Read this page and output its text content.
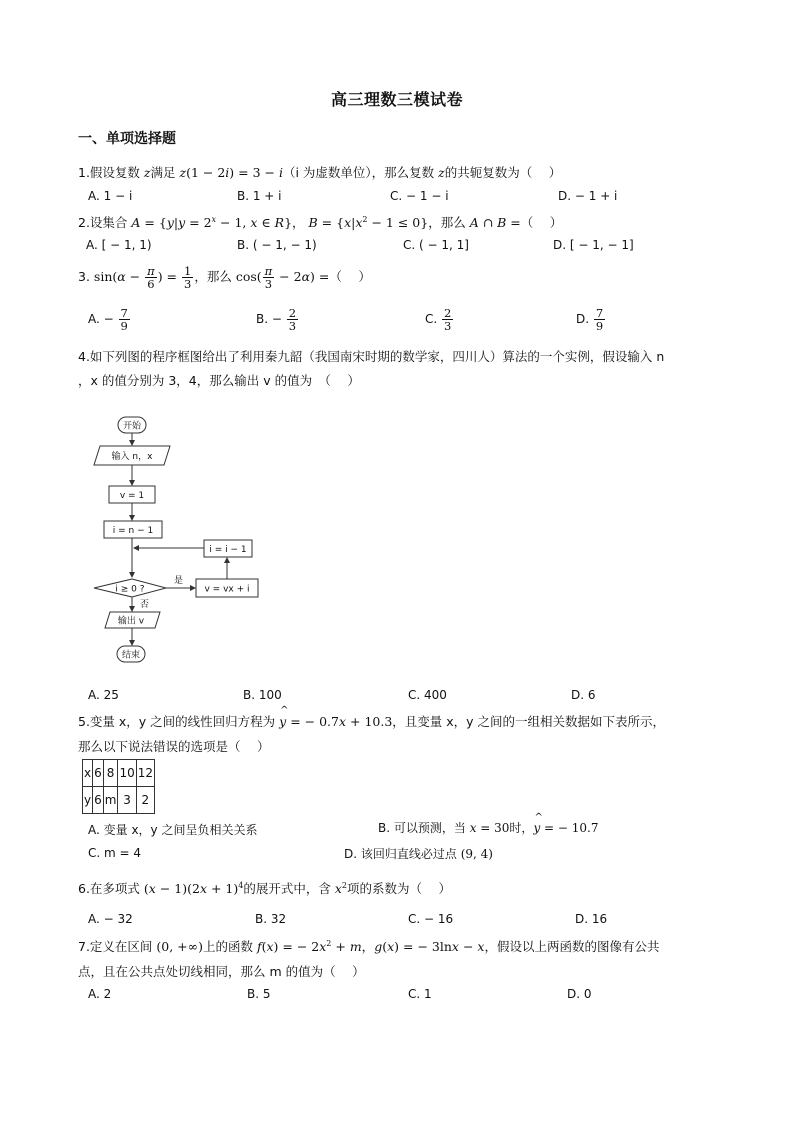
高三理数三模试卷
一、单项选择题
1.假设复数 z满足 z(1 − 2i) = 3 − i（i 为虚数单位），那么复数 z的共轭复数为（　 ）
A. 1 − i	B. 1 + i	C. − 1 − i	D. − 1 + i
2.设集合 $A = \{y|y = 2^x - 1$, x ∈ R}， $B = \{x|x^2 - 1 \le 0\}$，那么 A ∩ B =（　 ）
A. [ − 1, 1)	B. ( − 1, − 1)	C. ( − 1, 1]	D. [ − 1, − 1]
3. $\sin(\alpha - \frac{\pi}{6}$ ) = $\frac{1}{3}$ ，那么 $\cos( \frac{\pi}{3} - 2\alpha)$ =（　 ）
A. − $\frac{7}{9}$	B. − $\frac{2}{3}$	C. $\frac{2}{3}$	D. $\frac{7}{9}$
4.如下列图的程序框图给出了利用秦九韶（我国南宋时期的数学家，四川人）算法的一个实例，假设输入 n
，x 的值分别为 3，4，那么输出 v 的值为　（　 ）
开始
输入 n，x
v = 1
i = n − 1
i ≥ 0 ?
是
否
v = vx + i
i = i − 1
输出 v
结束
A. 25	B. 100	C. 400	D. 6
5.变量 x，y 之间的线性回归方程为 ^ y = − 0.7x + 10.3，且变量 x，y 之间的一组相关数据如下表所示，
那么以下说法错误的选项是（　 ）
x	6	8	10	12
y	6	m	3	2
A. 变量 x，y 之间呈负相关关系	B. 可以预测，当 x = 30时，^ y = − 10.7
C. m = 4	D. 该回归直线必过点 (9, 4)
6.在多项式 $(x - 1)(2x + 1)^4$的展开式中，含 $x^2$项的系数为（　 ）
A. − 32	B. 32	C. − 16	D. 16
7.定义在区间 (0, +∞)上的函数 f(x) = − $2x^2 + m$，g(x) = − 3lnx − x，假设以上两函数的图像有公共
点，且在公共点处切线相同，那么 m 的值为（　 ）
A. 2	B. 5	C. 1	D. 0
